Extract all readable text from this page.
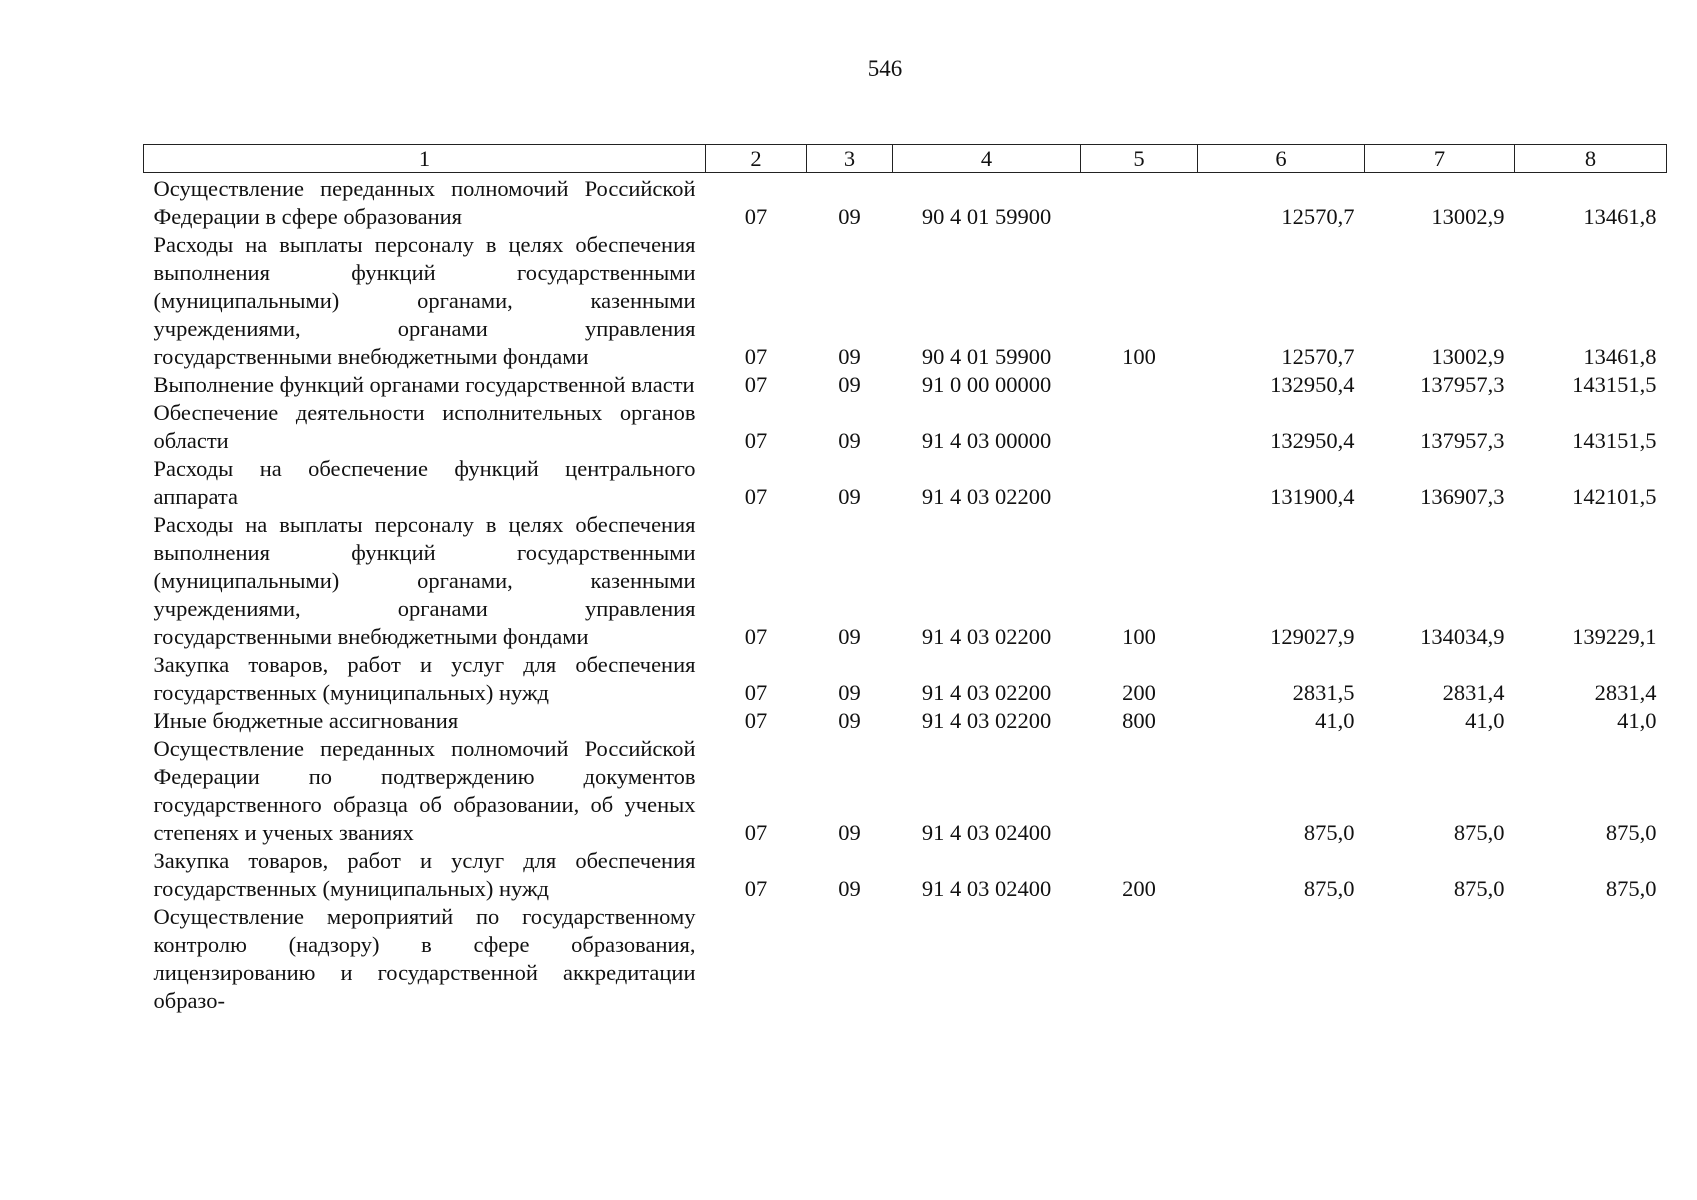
546
1	2	3	4	5	6	7	8
Осуществление переданных полномочий Российской Федерации в сфере образования	07	09	90 4 01 59900		12570,7	13002,9	13461,8
Расходы на выплаты персоналу в целях обеспечения выполнения функций государственными (муниципальными) органами, казенными учреждениями, органами управления государственными внебюджетными фондами	07	09	90 4 01 59900	100	12570,7	13002,9	13461,8
Выполнение функций органами государственной власти	07	09	91 0 00 00000		132950,4	137957,3	143151,5
Обеспечение деятельности исполнительных органов области	07	09	91 4 03 00000		132950,4	137957,3	143151,5
Расходы на обеспечение функций центрального аппарата	07	09	91 4 03 02200		131900,4	136907,3	142101,5
Расходы на выплаты персоналу в целях обеспечения выполнения функций государственными (муниципальными) органами, казенными учреждениями, органами управления государственными внебюджетными фондами	07	09	91 4 03 02200	100	129027,9	134034,9	139229,1
Закупка товаров, работ и услуг для обеспечения государственных (муниципальных) нужд	07	09	91 4 03 02200	200	2831,5	2831,4	2831,4
Иные бюджетные ассигнования	07	09	91 4 03 02200	800	41,0	41,0	41,0
Осуществление переданных полномочий Российской Федерации по подтверждению документов государственного образца об образовании, об ученых степенях и ученых званиях	07	09	91 4 03 02400		875,0	875,0	875,0
Закупка товаров, работ и услуг для обеспечения государственных (муниципальных) нужд	07	09	91 4 03 02400	200	875,0	875,0	875,0
Осуществление мероприятий по государственному контролю (надзору) в сфере образования, лицензированию и государственной аккредитации образо-							
